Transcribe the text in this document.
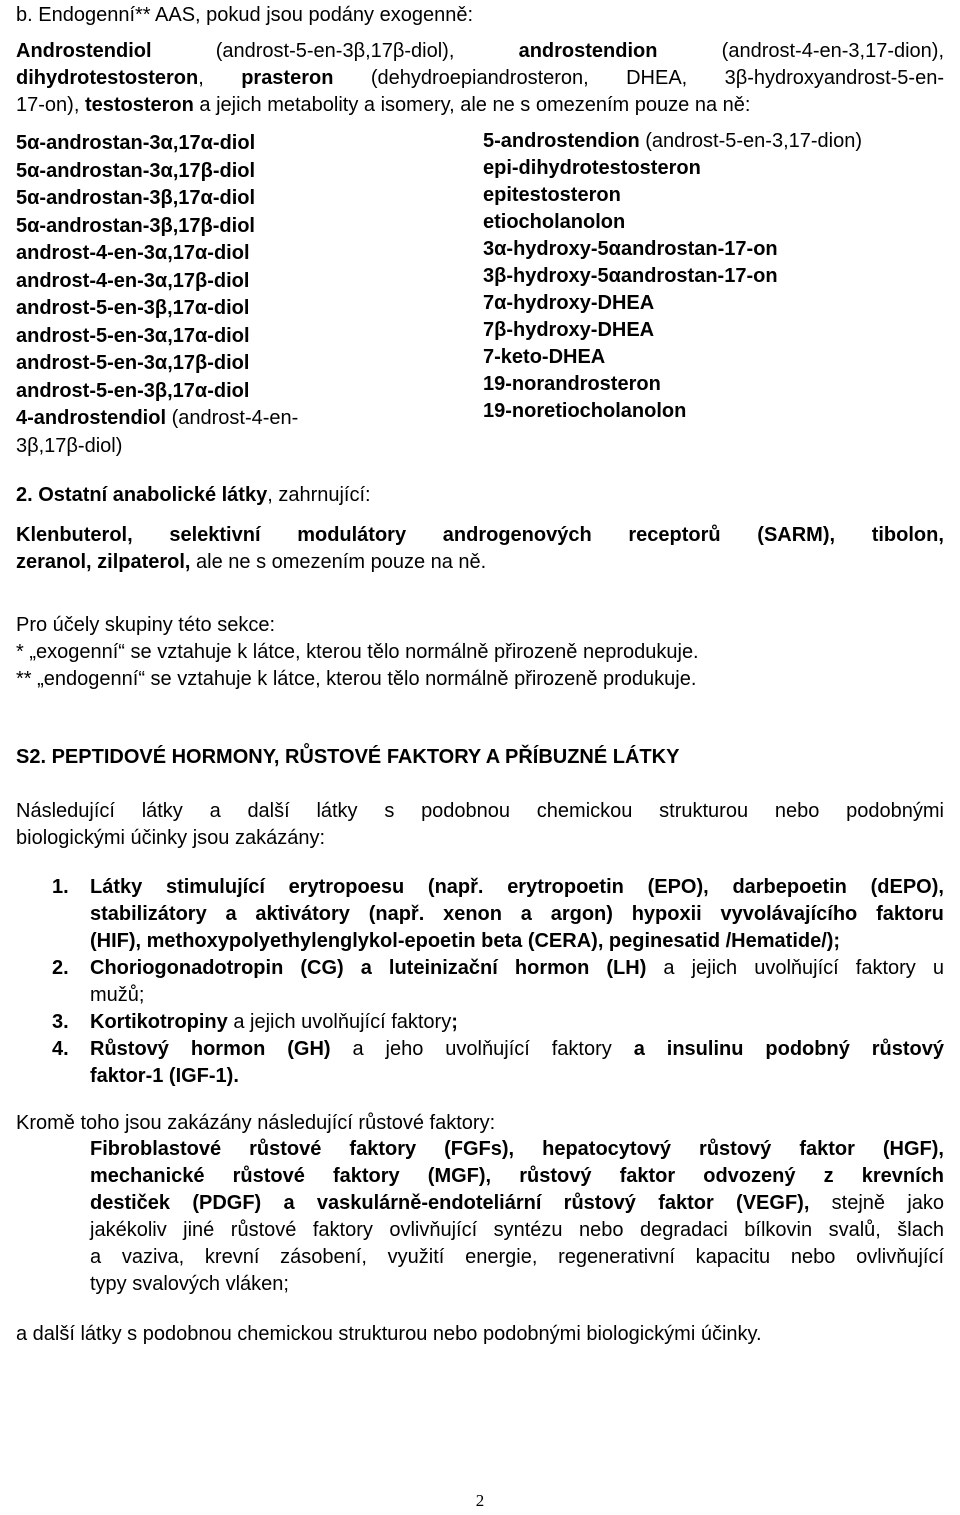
b. Endogenní** AAS, pokud jsou podány exogenně:

Androstendiol (androst-5-en-3β,17β-diol), androstendion (androst-4-en-3,17-dion),

dihydrotestosteron, prasteron (dehydroepiandrosteron, DHEA, 3β-hydroxyandrost-5-en-

17-on), testosteron a jejich metabolity a isomery, ale ne s omezením pouze na ně:

5α-androstan-3α,17α-diol
5α-androstan-3α,17β-diol
5α-androstan-3β,17α-diol
5α-androstan-3β,17β-diol
androst-4-en-3α,17α-diol
androst-4-en-3α,17β-diol
androst-5-en-3β,17α-diol
androst-5-en-3α,17α-diol
androst-5-en-3α,17β-diol
androst-5-en-3β,17α-diol
4-androstendiol (androst-4-en-
3β,17β-diol)
5-androstendion (androst-5-en-3,17-dion)
epi-dihydrotestosteron
epitestosteron
etiocholanolon
3α-hydroxy-5αandrostan-17-on
3β-hydroxy-5αandrostan-17-on
7α-hydroxy-DHEA
7β-hydroxy-DHEA
7-keto-DHEA
19-norandrosteron
19-noretiocholanolon

2. Ostatní anabolické látky, zahrnující:

Klenbuterol, selektivní modulátory androgenových receptorů (SARM), tibolon,

zeranol, zilpaterol, ale ne s omezením pouze na ně.

Pro účely skupiny této sekce:

* „exogenní“ se vztahuje k látce, kterou tělo normálně přirozeně neprodukuje.

** „endogenní“ se vztahuje k látce, kterou tělo normálně přirozeně produkuje.

S2. PEPTIDOVÉ HORMONY, RŮSTOVÉ FAKTORY A PŘÍBUZNÉ LÁTKY

Následující látky a další látky s podobnou chemickou strukturou nebo podobnými

biologickými účinky jsou zakázány:

1. Látky stimulující erytropoesu (např. erytropoetin (EPO), darbepoetin (dEPO),
stabilizátory a aktivátory (např. xenon a argon) hypoxii vyvolávajícího faktoru
(HIF), methoxypolyethylenglykol-epoetin beta (CERA), peginesatid /Hematide/);
2. Choriogonadotropin (CG) a luteinizační hormon (LH) a jejich uvolňující faktory u
mužů;
3. Kortikotropiny a jejich uvolňující faktory;
4. Růstový hormon (GH) a jeho uvolňující faktory a insulinu podobný růstový
faktor-1 (IGF-1).

Kromě toho jsou zakázány následující růstové faktory:

Fibroblastové růstové faktory (FGFs), hepatocytový růstový faktor (HGF),
mechanické růstové faktory (MGF), růstový faktor odvozený z krevních
destiček (PDGF) a vaskulárně-endoteliární růstový faktor (VEGF), stejně jako
jakékoliv jiné růstové faktory ovlivňující syntézu nebo degradaci bílkovin svalů, šlach
a vaziva, krevní zásobení, využití energie, regenerativní kapacitu nebo ovlivňující
typy svalových vláken;

a další látky s podobnou chemickou strukturou nebo podobnými biologickými účinky.

2
